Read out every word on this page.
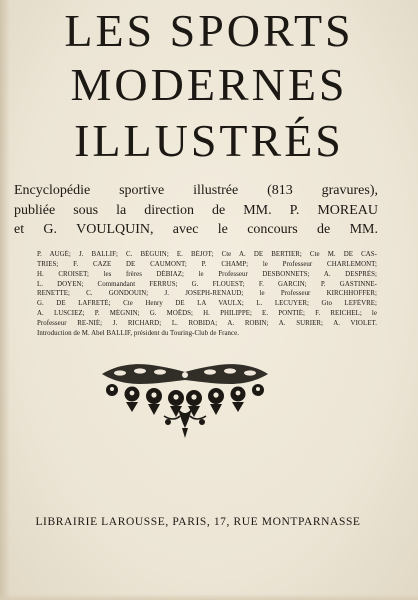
LES SPORTS
MODERNES
ILLUSTRÉS
Encyclopédie sportive illustrée (813 gravures),
publiée sous la direction de MM. P. MOREAU
et G. VOULQUIN, avec le concours de MM.
P. AUGÉ; J. BALLIF; C. BÉGUIN; E. BÉJOT; Cte A. DE BERTIER; Cte M. DE CAS-
TRIES; F. CAZE DE CAUMONT; P. CHAMP; le Professeur CHARLEMONT;
H. CROISET; les frères DÉBIAZ; le Professeur DESBONNETS; A. DESPRÈS;
L. DOYEN; Commandant FERRUS; G. FLOUEST; F. GARCIN; P. GASTINNE-
RENETTE; C. GONDOUIN; J. JOSEPH-RENAUD; le Professeur KIRCHHOFFER;
G. DE LAFRETÉ; Cte Henry DE LA VAULX; L. LECUYER; Gto LEFÈVRE;
A. LUSCIEZ; P. MÉGNIN; G. MOËDS; H. PHILIPPE; E. PONTIÉ; F. REICHEL; le
Professeur RE-NIÉ; J. RICHARD; L. ROBIDA; A. ROBIN; A. SURIER; A. VIOLET.
Introduction de M. Abel BALLIF, président du Touring-Club de France.
LIBRAIRIE LAROUSSE, PARIS, 17, RUE MONTPARNASSE
